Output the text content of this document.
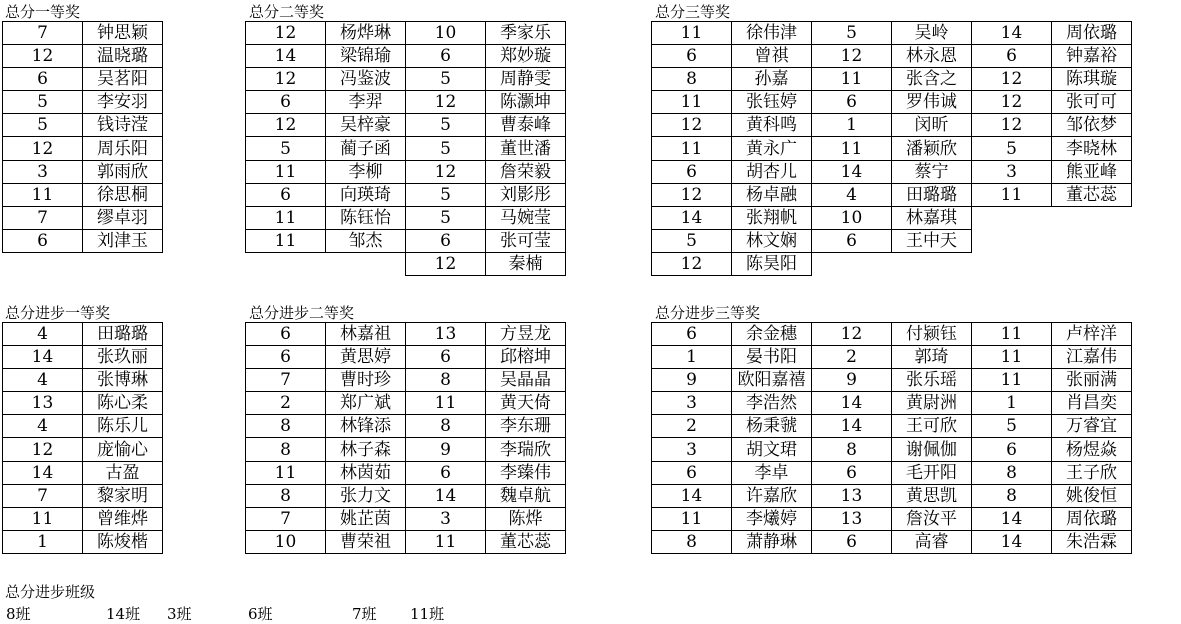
总分一等奖	总分二等奖	总分三等奖
总分进步一等奖	总分进步二等奖	总分进步三等奖
7	钟思颖
12	温晓璐
6	吴茗阳
5	李安羽
5	钱诗滢
12	周乐阳
3	郭雨欣
11	徐思桐
7	缪卓羽
6	刘津玉
12	杨烨琳	10	季家乐
14	梁锦瑜	6	郑妙璇
12	冯鉴波	5	周静雯
6	李羿	12	陈灏坤
12	吴梓豪	5	曹泰峰
5	蔺子函	5	董世潘
11	李柳	12	詹荣毅
6	向瑛琦	5	刘影彤
11	陈钰怡	5	马婉莹
11	邹杰	6	张可莹
		12	秦楠
11	徐伟津	5	吴岭	14	周依璐
6	曾祺	12	林永恩	6	钟嘉裕
8	孙嘉	11	张含之	12	陈琪璇
11	张钰婷	6	罗伟诚	12	张可可
12	黄科鸣	1	闵昕	12	邹依梦
11	黄永广	11	潘颖欣	5	李晓林
6	胡杏儿	14	蔡宁	3	熊亚峰
12	杨卓融	4	田璐璐	11	董芯蕊
14	张翔帆	10	林嘉琪		
5	林文娴	6	王中天		
12	陈昊阳				
4	田璐璐
14	张玖丽
4	张博琳
13	陈心柔
4	陈乐儿
12	庞愉心
14	古盈
7	黎家明
11	曾维烨
1	陈焌楷
6	林嘉祖	13	方昱龙
6	黄思婷	6	邱榕坤
7	曹时珍	8	吴晶晶
2	郑广斌	11	黄天倚
8	林锋添	8	李东珊
8	林子森	9	李瑞欣
11	林茵茹	6	李臻伟
8	张力文	14	魏卓航
7	姚芷茵	3	陈烨
10	曹荣祖	11	董芯蕊
6	余金穗	12	付颍钰	11	卢梓洋
1	晏书阳	2	郭琦	11	江嘉伟
9	欧阳嘉禧	9	张乐瑶	11	张丽满
3	李浩然	14	黄尉洲	1	肖昌奕
2	杨秉虢	14	王可欣	5	万睿宜
3	胡文珺	8	谢佩伽	6	杨煜焱
6	李卓	6	毛开阳	8	王子欣
14	许嘉欣	13	黄思凯	8	姚俊恒
11	李爔婷	13	詹汝平	14	周依璐
8	萧静琳	6	高睿	14	朱浩霖
总分进步班级
8班	14班 3班	6班	7班 11班
